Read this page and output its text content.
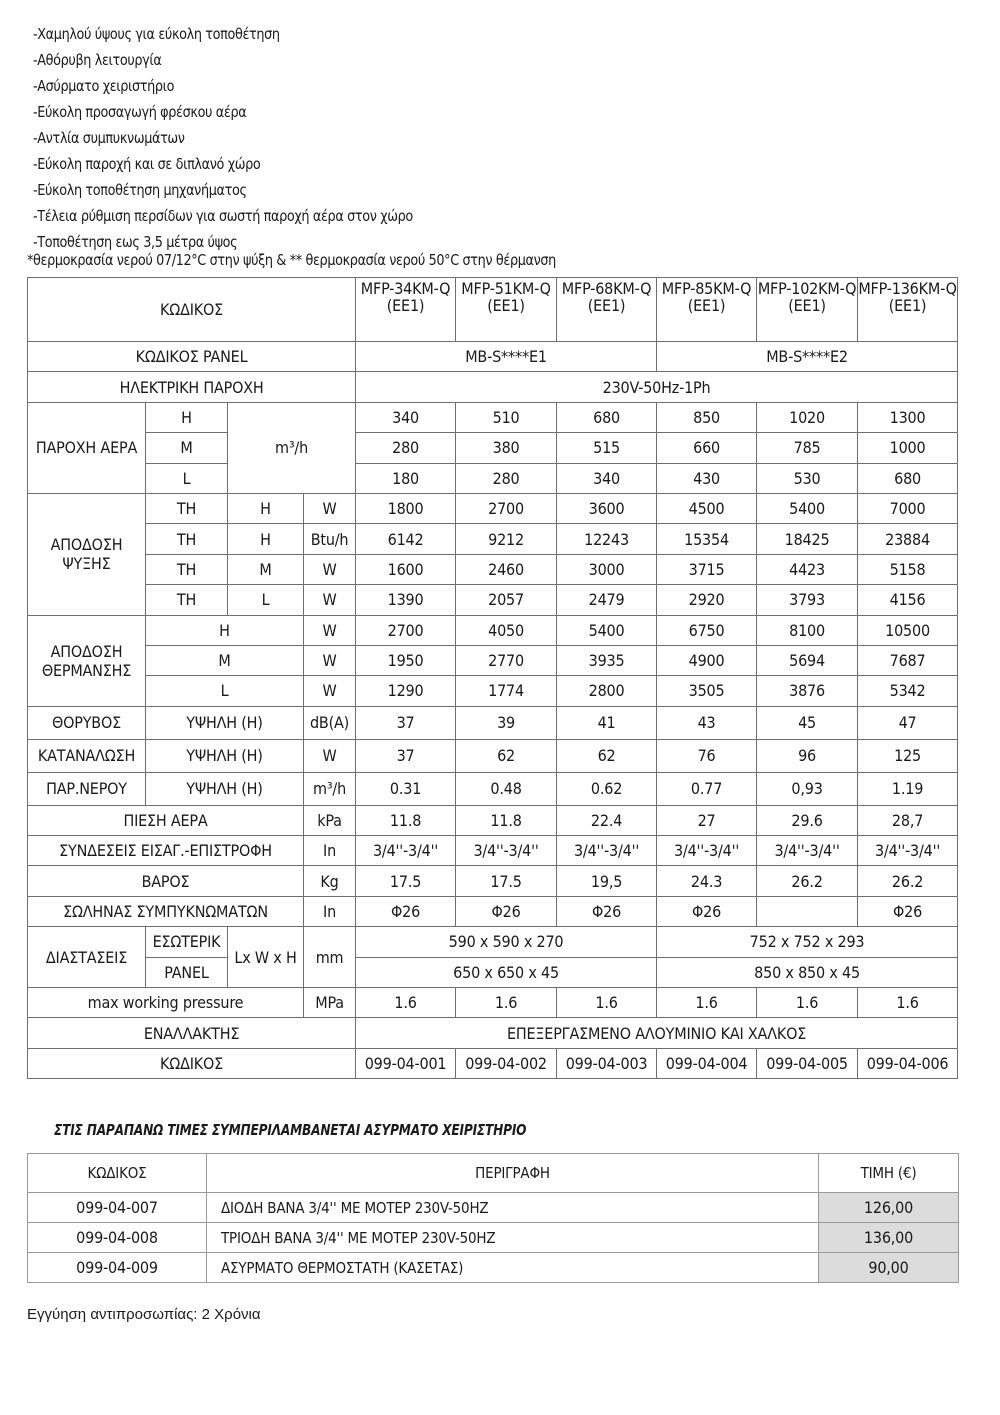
-Χαμηλού ύψους για εύκολη τοποθέτηση
-Αθόρυβη λειτουργία
-Ασύρματο χειριστήριο
-Εύκολη προσαγωγή φρέσκου αέρα
-Αντλία συμπυκνωμάτων
-Εύκολη παροχή και σε διπλανό χώρο
-Εύκολη τοποθέτηση μηχανήματος
-Τέλεια ρύθμιση περσίδων για σωστή παροχή αέρα στον χώρο
-Τοποθέτηση εως 3,5 μέτρα ύψος
*θερμοκρασία νερού 07/12°C στην ψύξη & ** θερμοκρασία νερού 50°C στην θέρμανση
ΚΩΔΙΚΟΣ				MFP-34KM-Q (EE1)	MFP-51KM-Q (EE1)	MFP-68KM-Q (EE1)	MFP-85KM-Q (EE1)	MFP-102KM-Q (EE1)	MFP-136KM-Q (EE1)
ΚΩΔΙΚΟΣ PANEL				MB-S****E1			MB-S****E2		
ΗΛΕΚΤΡΙΚΗ ΠΑΡΟΧΗ				230V-50Hz-1Ph					
ΠΑΡΟΧΗ ΑΕΡΑ	H	m³/h		340	510	680	850	1020	1300
	M			280	380	515	660	785	1000
	L			180	280	340	430	530	680

ΑΠΟΔΟΣΗ
ΨΥΞΗΣ	TH	H	W	1800	2700	3600	4500	5400	7000
	TH	H	Btu/h	6142	9212	12243	15354	18425	23884
	TH	M	W	1600	2460	3000	3715	4423	5158
	TH	L	W	1390	2057	2479	2920	3793	4156

ΑΠΟΔΟΣΗ
ΘΕΡΜΑΝΣΗΣ	H		W	2700	4050	5400	6750	8100	10500
	M		W	1950	2770	3935	4900	5694	7687
	L		W	1290	1774	2800	3505	3876	5342
ΘΟΡΥΒΟΣ	ΥΨΗΛΗ (Η)		dB(A)	37	39	41	43	45	47
ΚΑΤΑΝΑΛΩΣΗ	ΥΨΗΛΗ (Η)		W	37	62	62	76	96	125
ΠΑΡ.ΝΕΡΟΥ	ΥΨΗΛΗ (Η)		m³/h	0.31	0.48	0.62	0.77	0,93	1.19
ΠΙΕΣΗ ΑΕΡΑ			kPa	11.8	11.8	22.4	27	29.6	28,7
ΣΥΝΔΕΣΕΙΣ ΕΙΣΑΓ.-ΕΠΙΣΤΡΟΦΗ			In	3/4''-3/4''	3/4''-3/4''	3/4''-3/4''	3/4''-3/4''	3/4''-3/4''	3/4''-3/4''
ΒΑΡΟΣ			Kg	17.5	17.5	19,5	24.3	26.2	26.2
ΣΩΛΗΝΑΣ ΣΥΜΠΥΚΝΩΜΑΤΩΝ			In	Φ26	Φ26	Φ26	Φ26		Φ26
ΔΙΑΣΤΑΣΕΙΣ	ΕΣΩΤΕΡΙΚ	Lx W x H	mm	590 x 590 x 270			752 x 752 x 293		
	PANEL			650 x 650 x 45			850 x 850 x 45		
max working pressure			MPa	1.6	1.6	1.6	1.6	1.6	1.6
ΕΝΑΛΛΑΚΤΗΣ				ΕΠΕΞΕΡΓΑΣΜΕΝΟ ΑΛΟΥΜΙΝΙΟ ΚΑΙ ΧΑΛΚΟΣ					
ΚΩΔΙΚΟΣ				099-04-001	099-04-002	099-04-003	099-04-004	099-04-005	099-04-006
ΣΤΙΣ ΠΑΡΑΠΑΝΩ ΤΙΜΕΣ ΣΥΜΠΕΡΙΛΑΜΒΑΝΕΤΑΙ ΑΣΥΡΜΑΤΟ ΧΕΙΡΙΣΤΗΡΙΟ
ΚΩΔΙΚΟΣ	ΠΕΡΙΓΡΑΦΗ	ΤΙΜΗ (€)
099-04-007	ΔΙΟΔΗ ΒΑΝΑ 3/4'' ΜΕ ΜΟΤΕΡ 230V-50HZ	126,00
099-04-008	ΤΡΙΟΔΗ ΒΑΝΑ 3/4'' ΜΕ ΜΟΤΕΡ 230V-50HZ	136,00
099-04-009	ΑΣΥΡΜΑΤΟ ΘΕΡΜΟΣΤΑΤΗ (ΚΑΣΕΤΑΣ)	90,00
Εγγύηση αντιπροσωπίας: 2 Χρόνια
